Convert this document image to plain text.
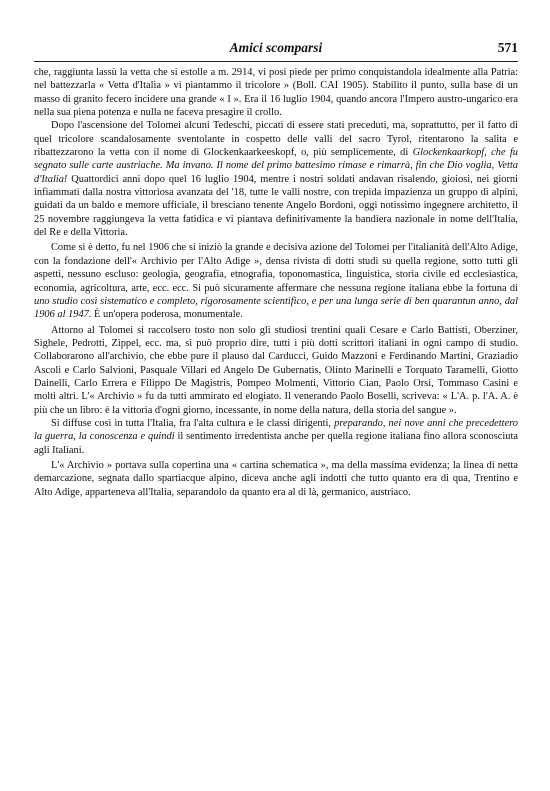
Amici scomparsi	571

che, raggiunta lassù la vetta che si estolle a m. 2914, vi posi piede per primo conquistandola idealmente alla Patria: nel battezzarla « Vetta d'Italia » vi piantammo il tricolore » (Boll. CAI 1905). Stabilito il punto, sulla base di un masso di granito fecero incidere una grande « I ». Era il 16 luglio 1904, quando ancora l'Impero austro-ungarico era nella sua piena potenza e nulla ne faceva presagire il crollo.

Dopo l'ascensione del Tolomei alcuni Tedeschi, piccati di essere stati preceduti, ma, soprattutto, per il fatto di quel tricolore scandalosamente sventolante in cospetto delle valli del sacro Tyrol, ritentarono la salita e ribattezzarono la vetta con il nome di Glockenkaarkeeskopf, o, più semplicemente, di Glockenkaarkopf, che fu segnato sulle carte austriache. Ma invano. Il nome del primo battesimo rimase e rimarrà, fin che Dio voglia, Vetta d'Italia! Quattordici anni dopo quel 16 luglio 1904, mentre i nostri soldati andavan risalendo, gioiosi, nei giorni infiammati dalla nostra vittoriosa avanzata del '18, tutte le valli nostre, con trepida impazienza un gruppo di alpini, guidati da un baldo e memore ufficiale, il bresciano tenente Angelo Bordoni, oggi notissimo ingegnere architetto, il 25 novembre raggiungeva la vetta fatidica e vi piantava definitivamente la bandiera nazionale in nome dell'Italia, del Re e della Vittoria.

Come si è detto, fu nel 1906 che si iniziò la grande e decisiva azione del Tolomei per l'italianità dell'Alto Adige, con la fondazione dell'« Archivio per l'Alto Adige », densa rivista di dotti studi su quella regione, sotto tutti gli aspetti, nessuno escluso: geologia, geografia, etnografia, toponomastica, linguistica, storia civile ed ecclesiastica, economia, agricoltura, arte, ecc. ecc. Si può sicuramente affermare che nessuna regione italiana ebbe la fortuna di uno studio così sistematico e completo, rigorosamente scientifico, e per una lunga serie di ben quarantun anno, dal 1906 al 1947. È un'opera poderosa, monumentale.

Attorno al Tolomei si raccolsero tosto non solo gli studiosi trentini quali Cesare e Carlo Battisti, Oberziner, Sighele, Pedrotti, Zippel, ecc. ma, si può proprio dire, tutti i più dotti scrittori italiani in ogni campo di studio. Collaborarono all'archivio, che ebbe pure il plauso dal Carducci, Guido Mazzoni e Ferdinando Martini, Graziadio Ascoli e Carlo Salvioni, Pasquale Villari ed Angelo De Gubernatis, Olinto Marinelli e Torquato Taramelli, Giotto Dainelli, Carlo Errera e Filippo De Magistris, Pompeo Molmenti, Vittorio Cian, Paolo Orsi, Tommaso Casini e molti altri. L'« Archivio » fu da tutti ammirato ed elogiato. Il venerando Paolo Boselli, scriveva: « L'A. p. l'A. A. è più che un libro: è la vittoria d'ogni giorno, incessante, in nome della natura, della storia del sangue ».

Si diffuse così in tutta l'Italia, fra l'alta cultura e le classi dirigenti, preparando, nei nove anni che precedettero la guerra, la conoscenza e quindi il sentimento irredentista anche per quella regione italiana fino allora sconosciuta agli Italiani.

L'« Archivio » portava sulla copertina una « cartina schematica », ma della massima evidenza; la linea di netta demarcazione, segnata dallo spartiacque alpino, diceva anche agli indotti che tutto quanto era di qua, Trentino e Alto Adige, apparteneva all'Italia, separandolo da quanto era al di là, germanico, austriaco.
